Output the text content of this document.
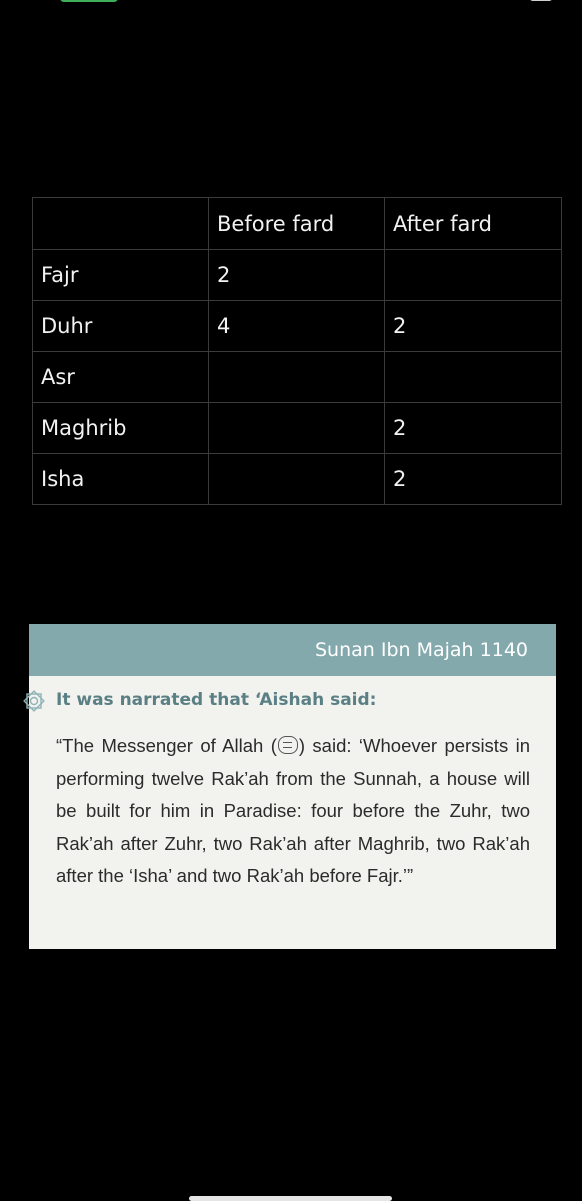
	Before fard	After fard
Fajr	2	
Duhr	4	2
Asr		
Maghrib		2
Isha		2
Sunan Ibn Majah 1140
It was narrated that ‘Aishah said:
“The Messenger of Allah ( ) said: ‘Whoever persists in performing twelve Rak’ah from the Sunnah, a house will be built for him in Paradise: four before the Zuhr, two Rak’ah after Zuhr, two Rak’ah after Maghrib, two Rak’ah after the ‘Isha’ and two Rak’ah before Fajr.’”
